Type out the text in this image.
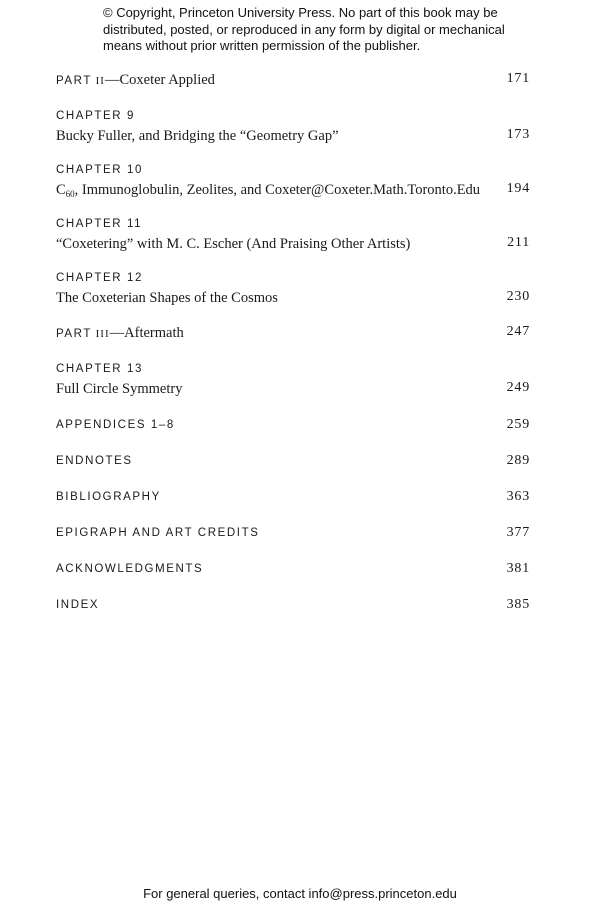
© Copyright, Princeton University Press. No part of this book may be
distributed, posted, or reproduced in any form by digital or mechanical
means without prior written permission of the publisher.
PART II—Coxeter Applied	171
CHAPTER 9
Bucky Fuller, and Bridging the “Geometry Gap”	173
CHAPTER 10
$C_{60}$, Immunoglobulin, Zeolites, and Coxeter@Coxeter.Math.Toronto.Edu	194
CHAPTER 11
“Coxetering” with M. C. Escher (And Praising Other Artists)	211
CHAPTER 12
The Coxeterian Shapes of the Cosmos	230
PART III—Aftermath	247
CHAPTER 13
Full Circle Symmetry	249
APPENDICES 1–8	259
ENDNOTES	289
BIBLIOGRAPHY	363
EPIGRAPH AND ART CREDITS	377
ACKNOWLEDGMENTS	381
INDEX	385
For general queries, contact info@press.princeton.edu
